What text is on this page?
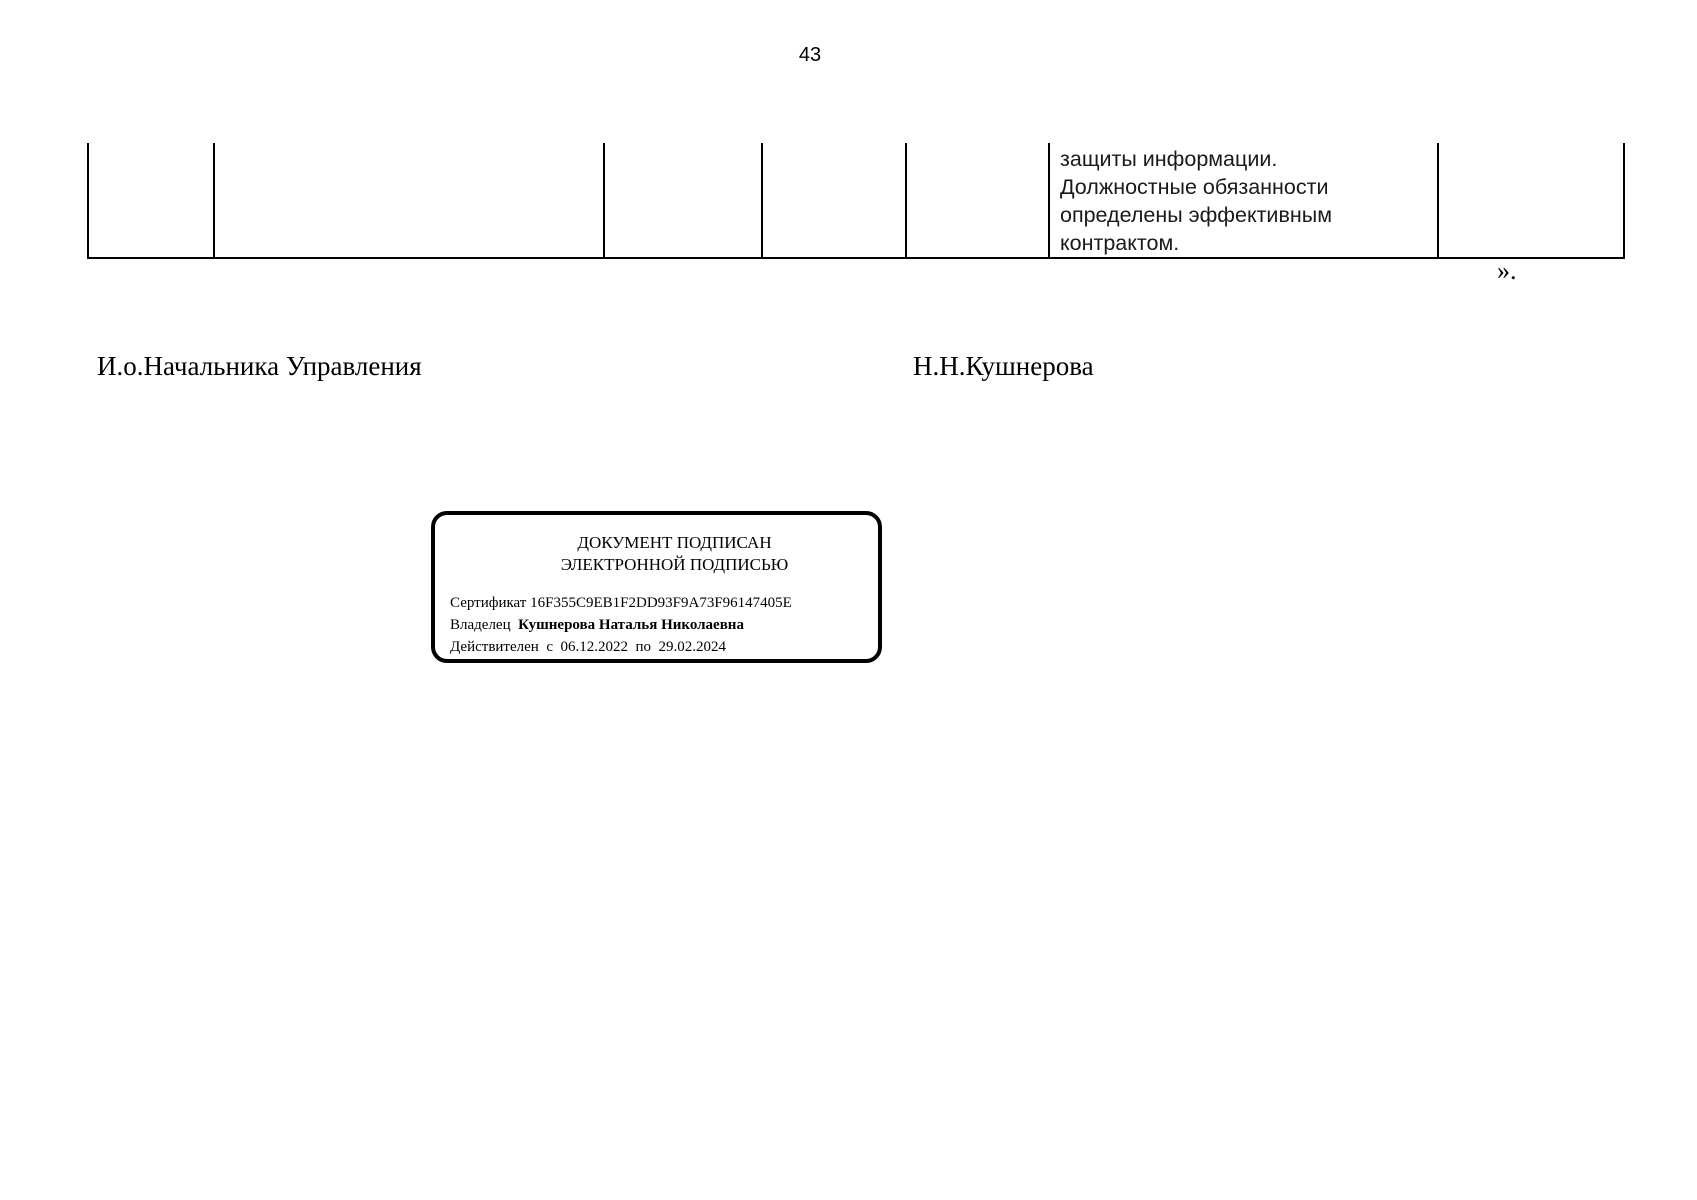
43

защиты информации.
Должностные обязанности
определены эффективным
контрактом.

».
И.о.Начальника Управления	Н.Н.Кушнерова
ДОКУМЕНТ ПОДПИСАН
ЭЛЕКТРОННОЙ ПОДПИСЬЮ
Сертификат 16F355C9EB1F2DD93F9A73F96147405E
Владелец Кушнерова Наталья Николаевна
Действителен с 06.12.2022 по 29.02.2024
